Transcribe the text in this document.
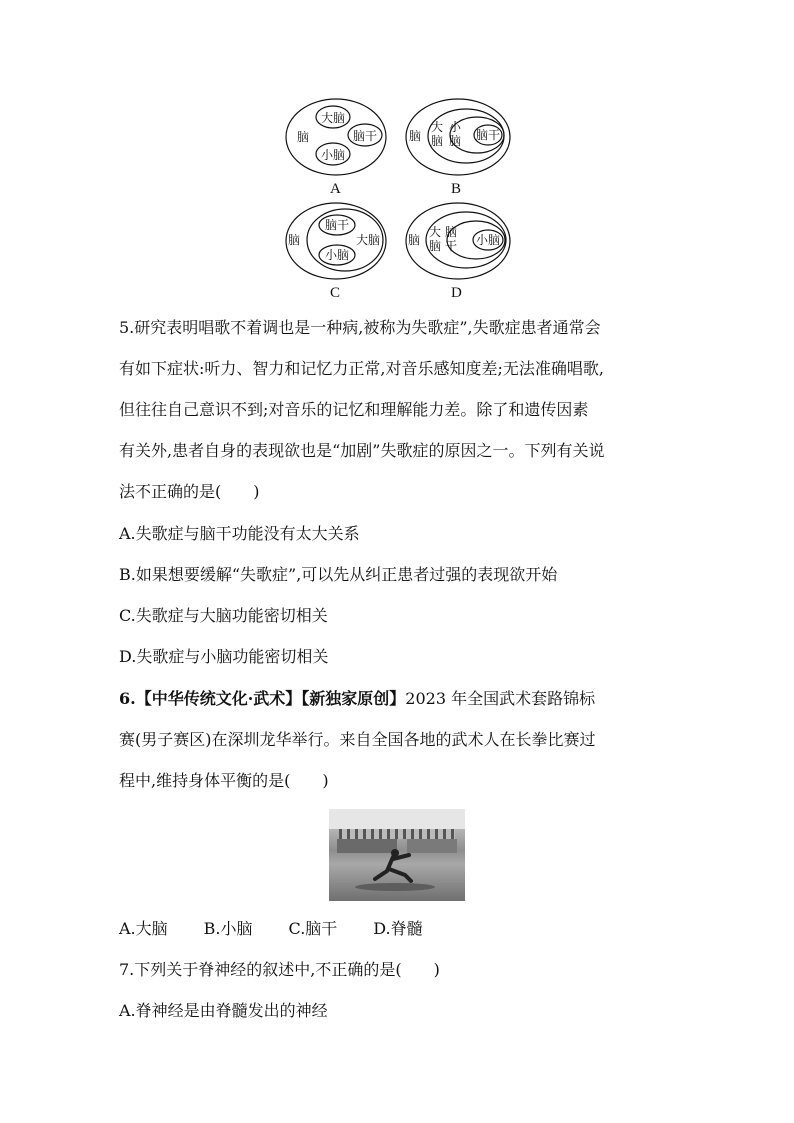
脑
大脑
脑干
小脑
A
脑
大
脑
小
脑 脑干
B
脑
脑干
大脑
小脑
C
脑
大
脑
脑
干 小脑
D
5.研究表明唱歌不着调也是一种病,被称为失歌症”,失歌症患者通常会
有如下症状:听力、智力和记忆力正常,对音乐感知度差;无法准确唱歌,
但往往自己意识不到;对音乐的记忆和理解能力差。除了和遗传因素
有关外,患者自身的表现欲也是“加剧”失歌症的原因之一。下列有关说
法不正确的是(　　)
A.失歌症与脑干功能没有太大关系
B.如果想要缓解“失歌症”,可以先从纠正患者过强的表现欲开始
C.失歌症与大脑功能密切相关
D.失歌症与小脑功能密切相关
6.【中华传统文化·武术】【新独家原创】2023 年全国武术套路锦标
赛(男子赛区)在深圳龙华举行。来自全国各地的武术人在长拳比赛过
程中,维持身体平衡的是(　　)
A.大脑 B.小脑 C.脑干 D.脊髓
7.下列关于脊神经的叙述中,不正确的是(　　)
A.脊神经是由脊髓发出的神经
